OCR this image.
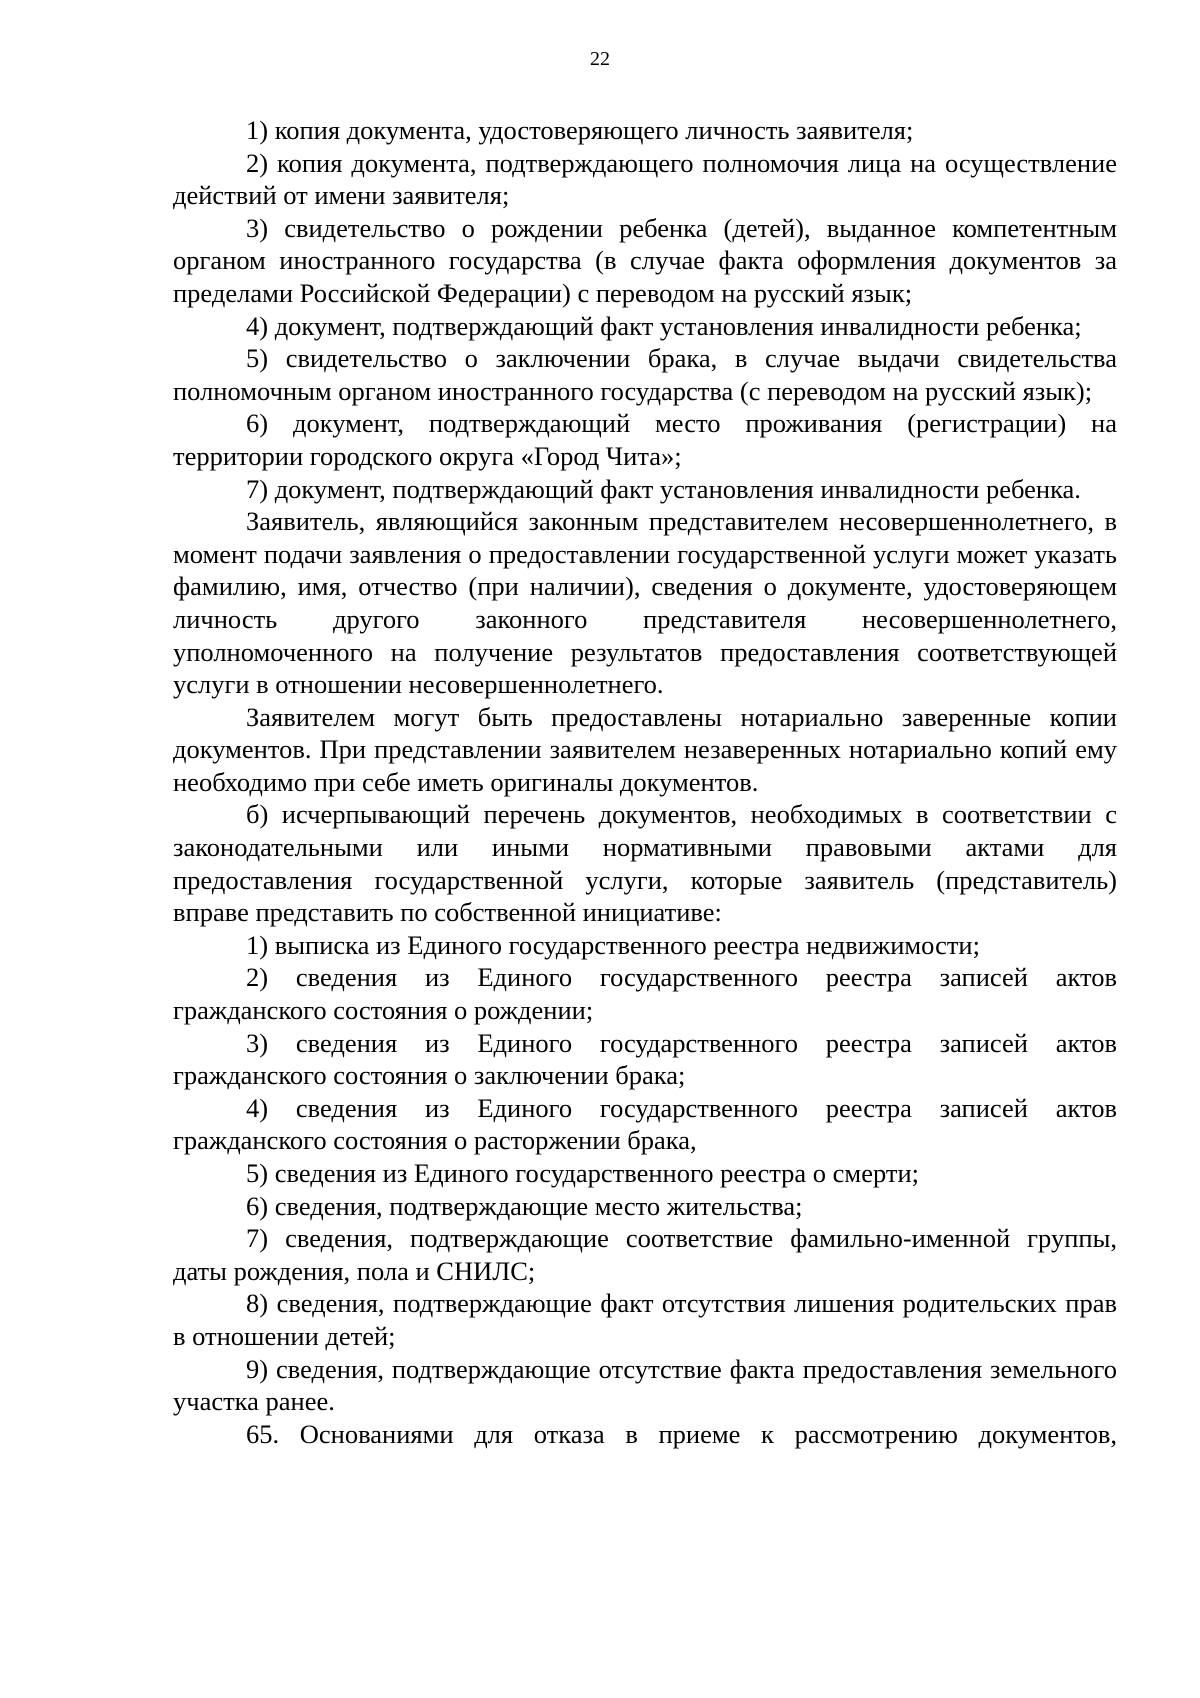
22

1) копия документа, удостоверяющего личность заявителя;

2) копия документа, подтверждающего полномочия лица на осуществление действий от имени заявителя;

3) свидетельство о рождении ребенка (детей), выданное компетентным органом иностранного государства (в случае факта оформления документов за пределами Российской Федерации) с переводом на русский язык;

4) документ, подтверждающий факт установления инвалидности ребенка;

5) свидетельство о заключении брака, в случае выдачи свидетельства полномочным органом иностранного государства (с переводом на русский язык);

6) документ, подтверждающий место проживания (регистрации) на территории городского округа «Город Чита»;

7) документ, подтверждающий факт установления инвалидности ребенка.

Заявитель, являющийся законным представителем несовершеннолетнего, в момент подачи заявления о предоставлении государственной услуги может указать фамилию, имя, отчество (при наличии), сведения о документе, удостоверяющем личность другого законного представителя несовершеннолетнего, уполномоченного на получение результатов предоставления соответствующей услуги в отношении несовершеннолетнего.

Заявителем могут быть предоставлены нотариально заверенные копии документов. При представлении заявителем незаверенных нотариально копий ему необходимо при себе иметь оригиналы документов.

б) исчерпывающий перечень документов, необходимых в соответствии с законодательными или иными нормативными правовыми актами для предоставления государственной услуги, которые заявитель (представитель) вправе представить по собственной инициативе:

1) выписка из Единого государственного реестра недвижимости;

2) сведения из Единого государственного реестра записей актов гражданского состояния о рождении;

3) сведения из Единого государственного реестра записей актов гражданского состояния о заключении брака;

4) сведения из Единого государственного реестра записей актов гражданского состояния о расторжении брака,

5) сведения из Единого государственного реестра о смерти;

6) сведения, подтверждающие место жительства;

7) сведения, подтверждающие соответствие фамильно-именной группы, даты рождения, пола и СНИЛС;

8) сведения, подтверждающие факт отсутствия лишения родительских прав в отношении детей;

9) сведения, подтверждающие отсутствие факта предоставления земельного участка ранее.

65. Основаниями для отказа в приеме к рассмотрению документов,
